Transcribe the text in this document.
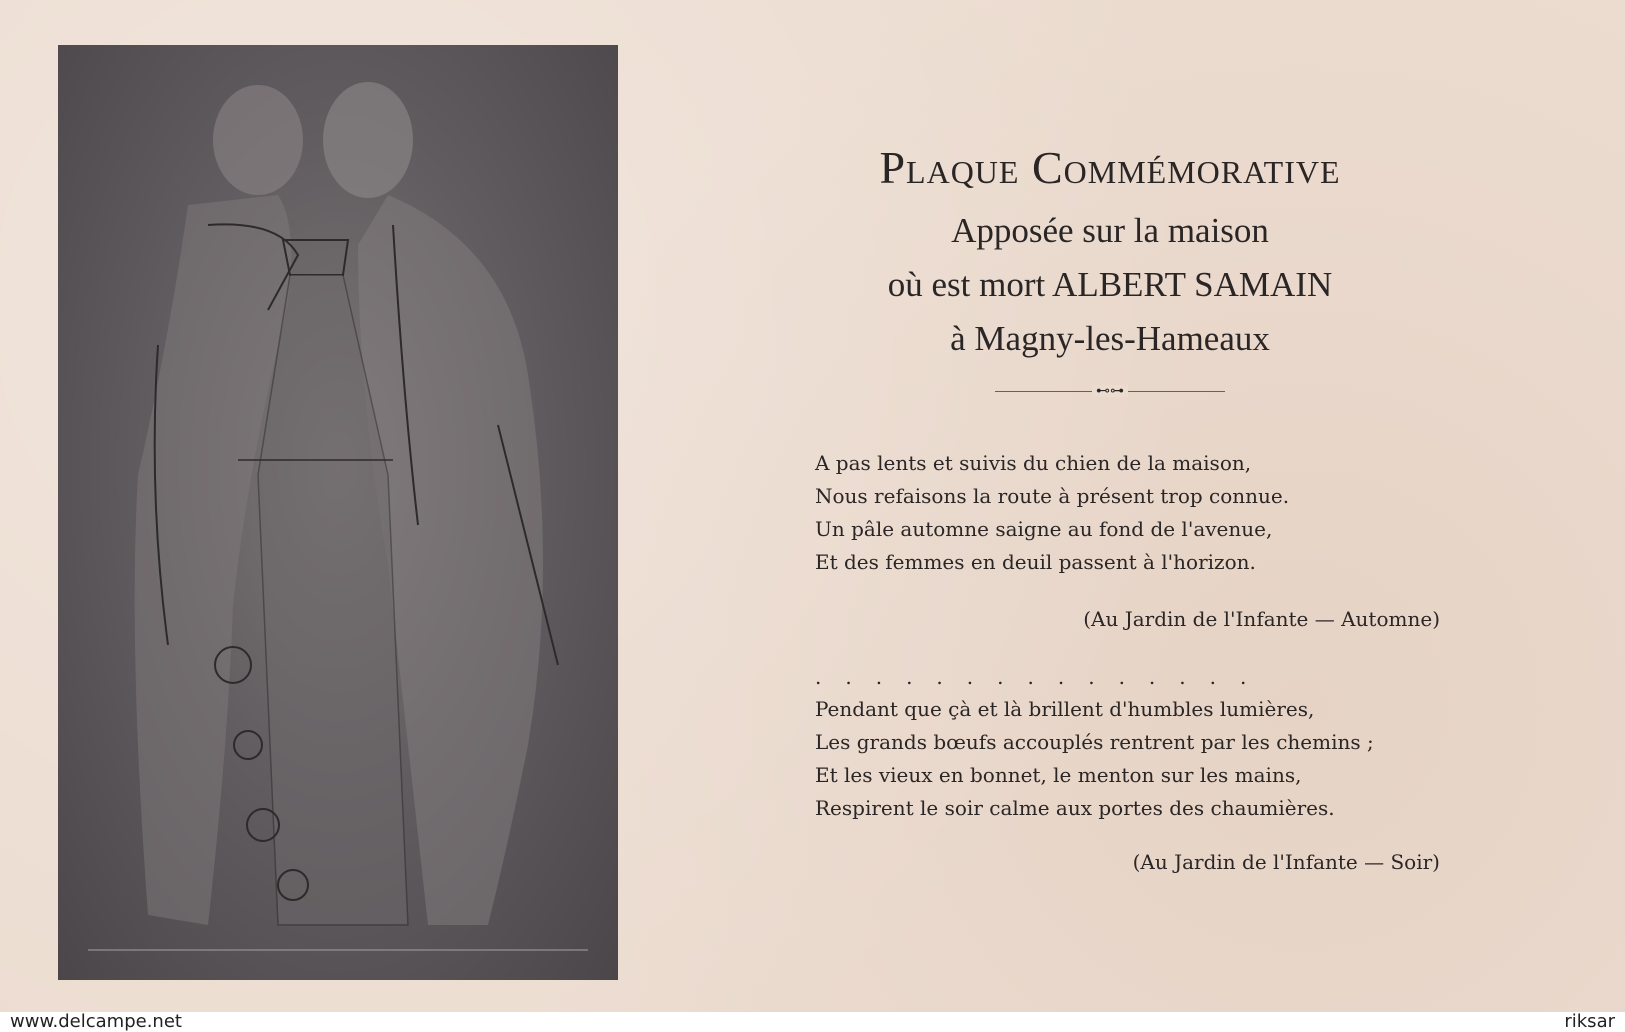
Plaque Commémorative
Apposée sur la maison
où est mort ALBERT SAMAIN
à Magny-les-Hameaux
⊷⊶
A pas lents et suivis du chien de la maison,
Nous refaisons la route à présent trop connue.
Un pâle automne saigne au fond de l'avenue,
Et des femmes en deuil passent à l'horizon.
(Au Jardin de l'Infante — Automne)
...............
Pendant que çà et là brillent d'humbles lumières,
Les grands bœufs accouplés rentrent par les chemins ;
Et les vieux en bonnet, le menton sur les mains,
Respirent le soir calme aux portes des chaumières.
(Au Jardin de l'Infante — Soir)
www.delcampe.net	riksar
